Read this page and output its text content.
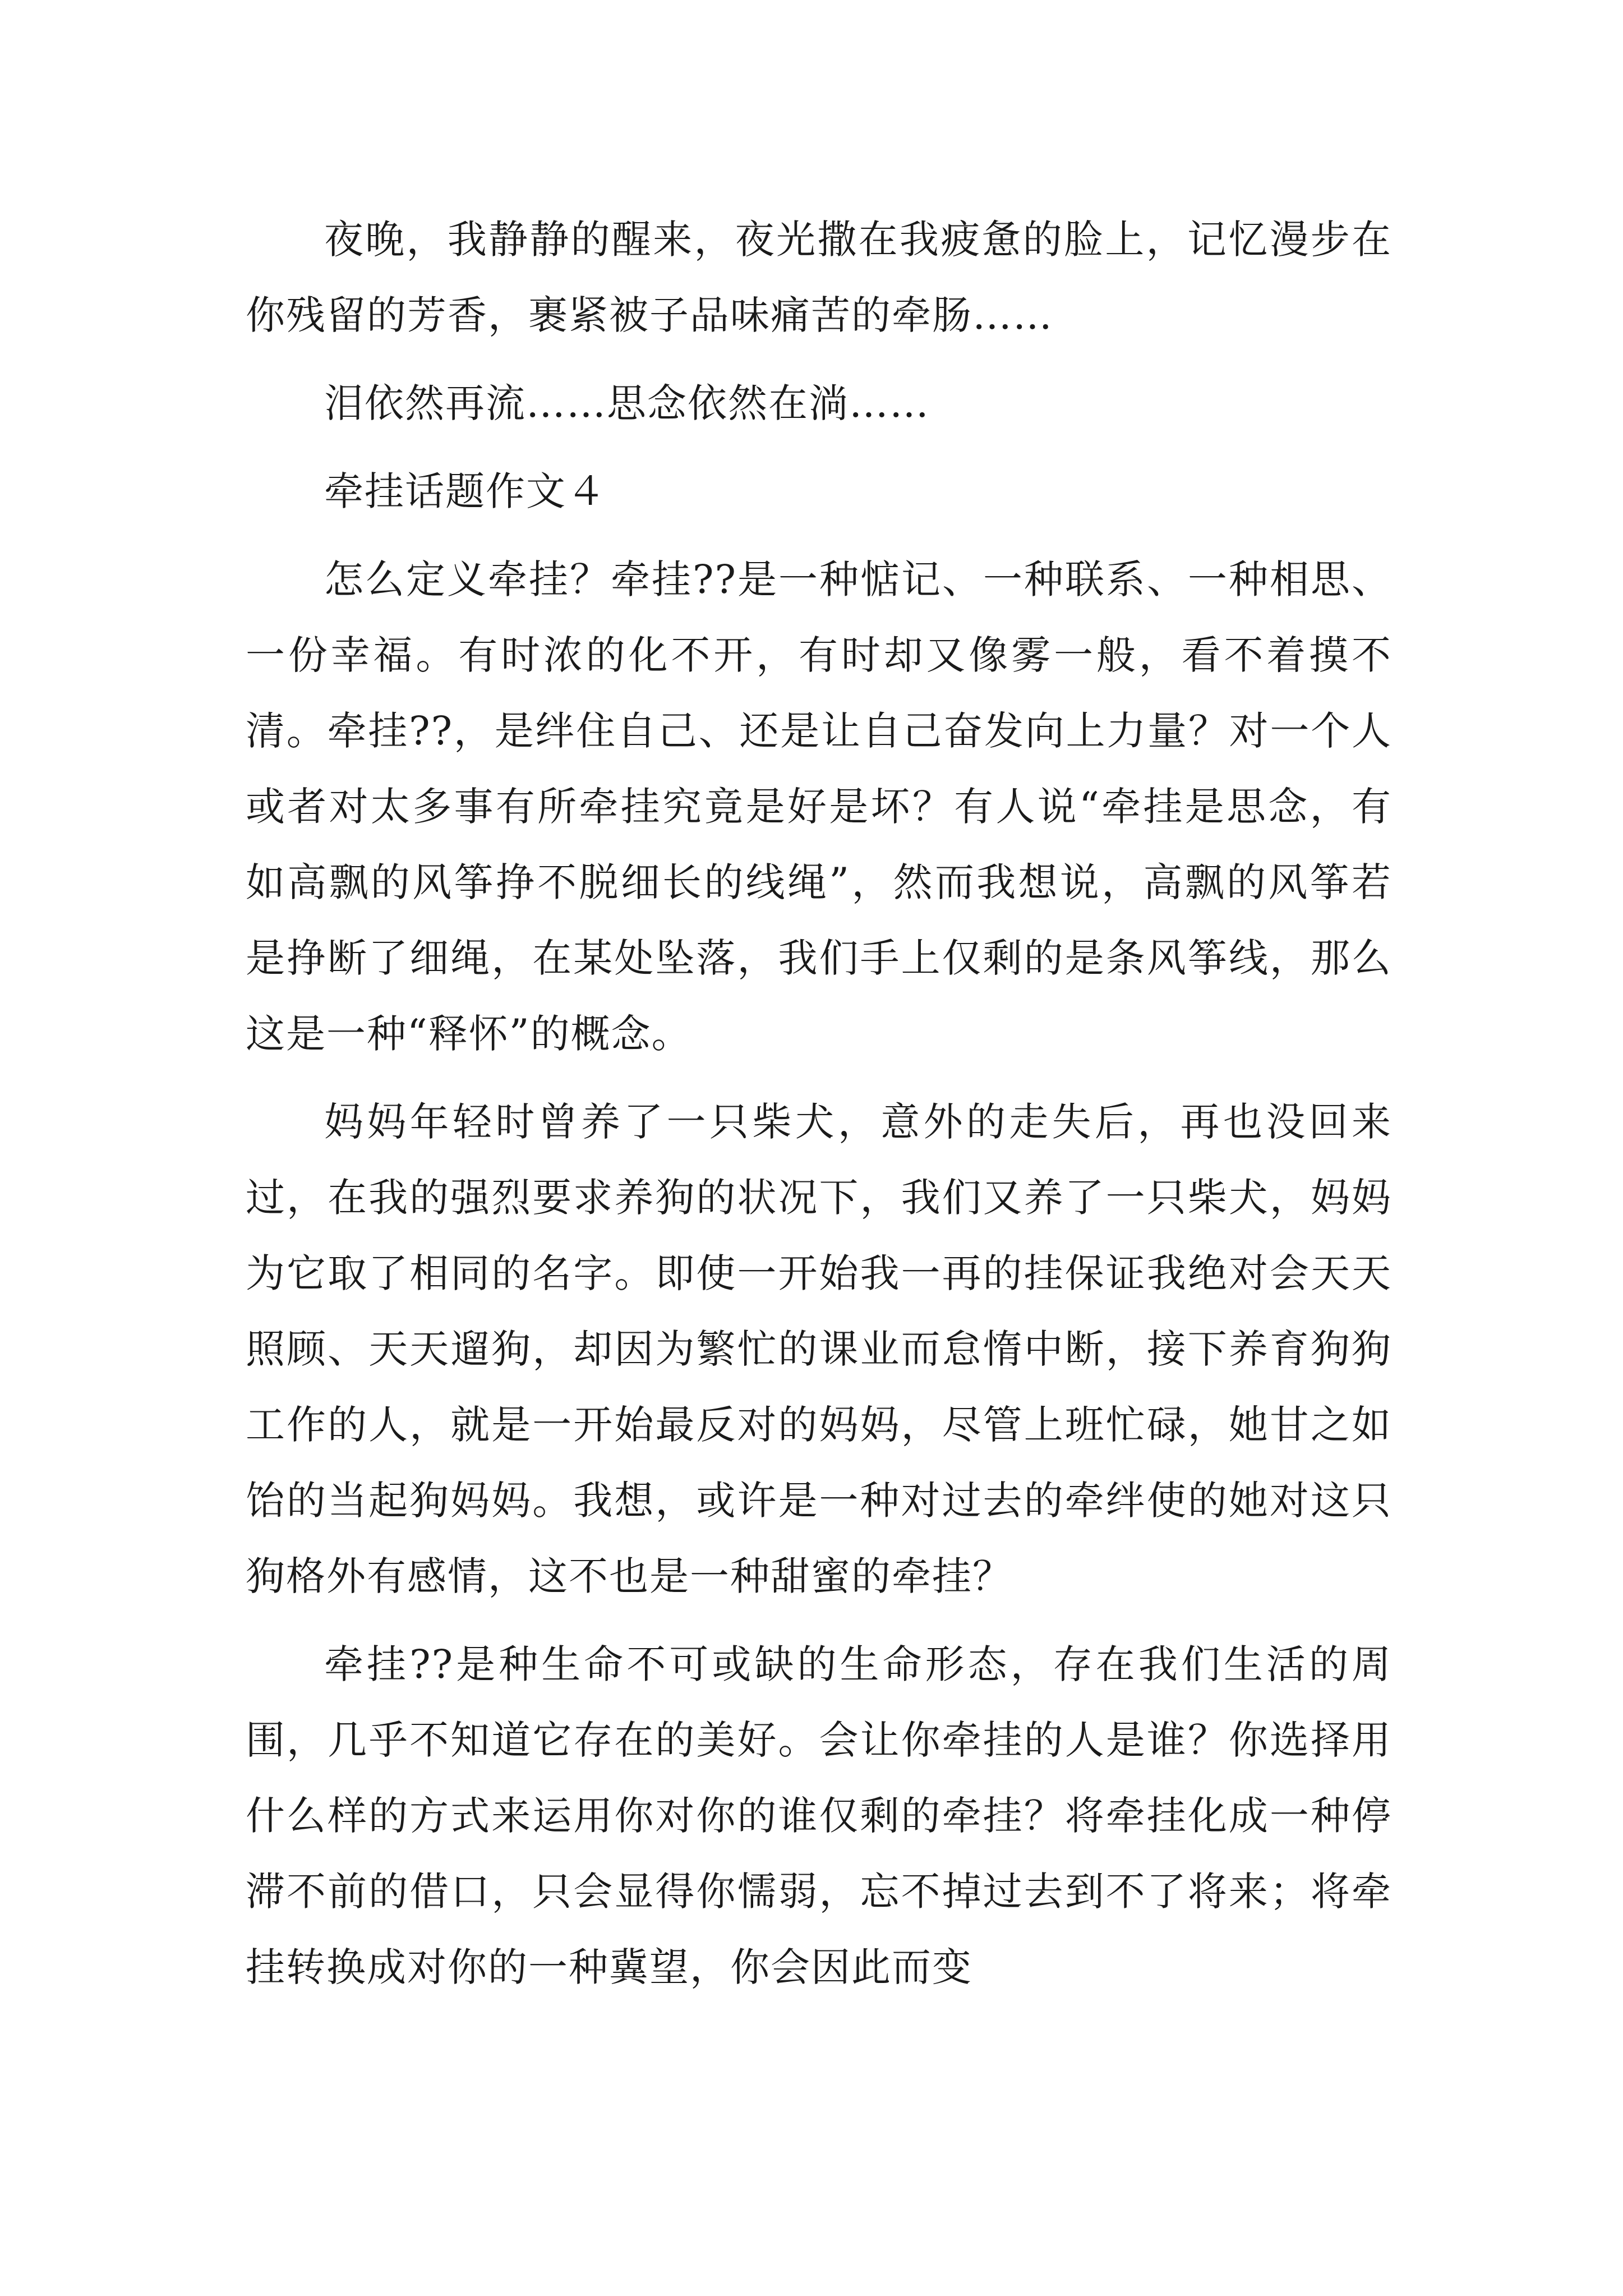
夜晚，我静静的醒来，夜光撒在我疲惫的脸上，记忆漫步在你残留的芳香，裹紧被子品味痛苦的牵肠……

泪依然再流……思念依然在淌……

牵挂话题作文４

怎么定义牵挂？牵挂??是一种惦记、一种联系、一种相思、一份幸福。有时浓的化不开，有时却又像雾一般，看不着摸不清。牵挂??，是绊住自己、还是让自己奋发向上力量？对一个人或者对太多事有所牵挂究竟是好是坏？有人说“牵挂是思念，有如高飘的风筝挣不脱细长的线绳”，然而我想说，高飘的风筝若是挣断了细绳，在某处坠落，我们手上仅剩的是条风筝线，那么这是一种“释怀”的概念。

妈妈年轻时曾养了一只柴犬，意外的走失后，再也没回来过，在我的强烈要求养狗的状况下，我们又养了一只柴犬，妈妈为它取了相同的名字。即使一开始我一再的挂保证我绝对会天天照顾、天天遛狗，却因为繁忙的课业而怠惰中断，接下养育狗狗工作的人，就是一开始最反对的妈妈，尽管上班忙碌，她甘之如饴的当起狗妈妈。我想，或许是一种对过去的牵绊使的她对这只狗格外有感情，这不也是一种甜蜜的牵挂？

牵挂??是种生命不可或缺的生命形态，存在我们生活的周围，几乎不知道它存在的美好。会让你牵挂的人是谁？你选择用什么样的方式来运用你对你的谁仅剩的牵挂？将牵挂化成一种停滞不前的借口，只会显得你懦弱，忘不掉过去到不了将来；将牵挂转换成对你的一种冀望，你会因此而变
